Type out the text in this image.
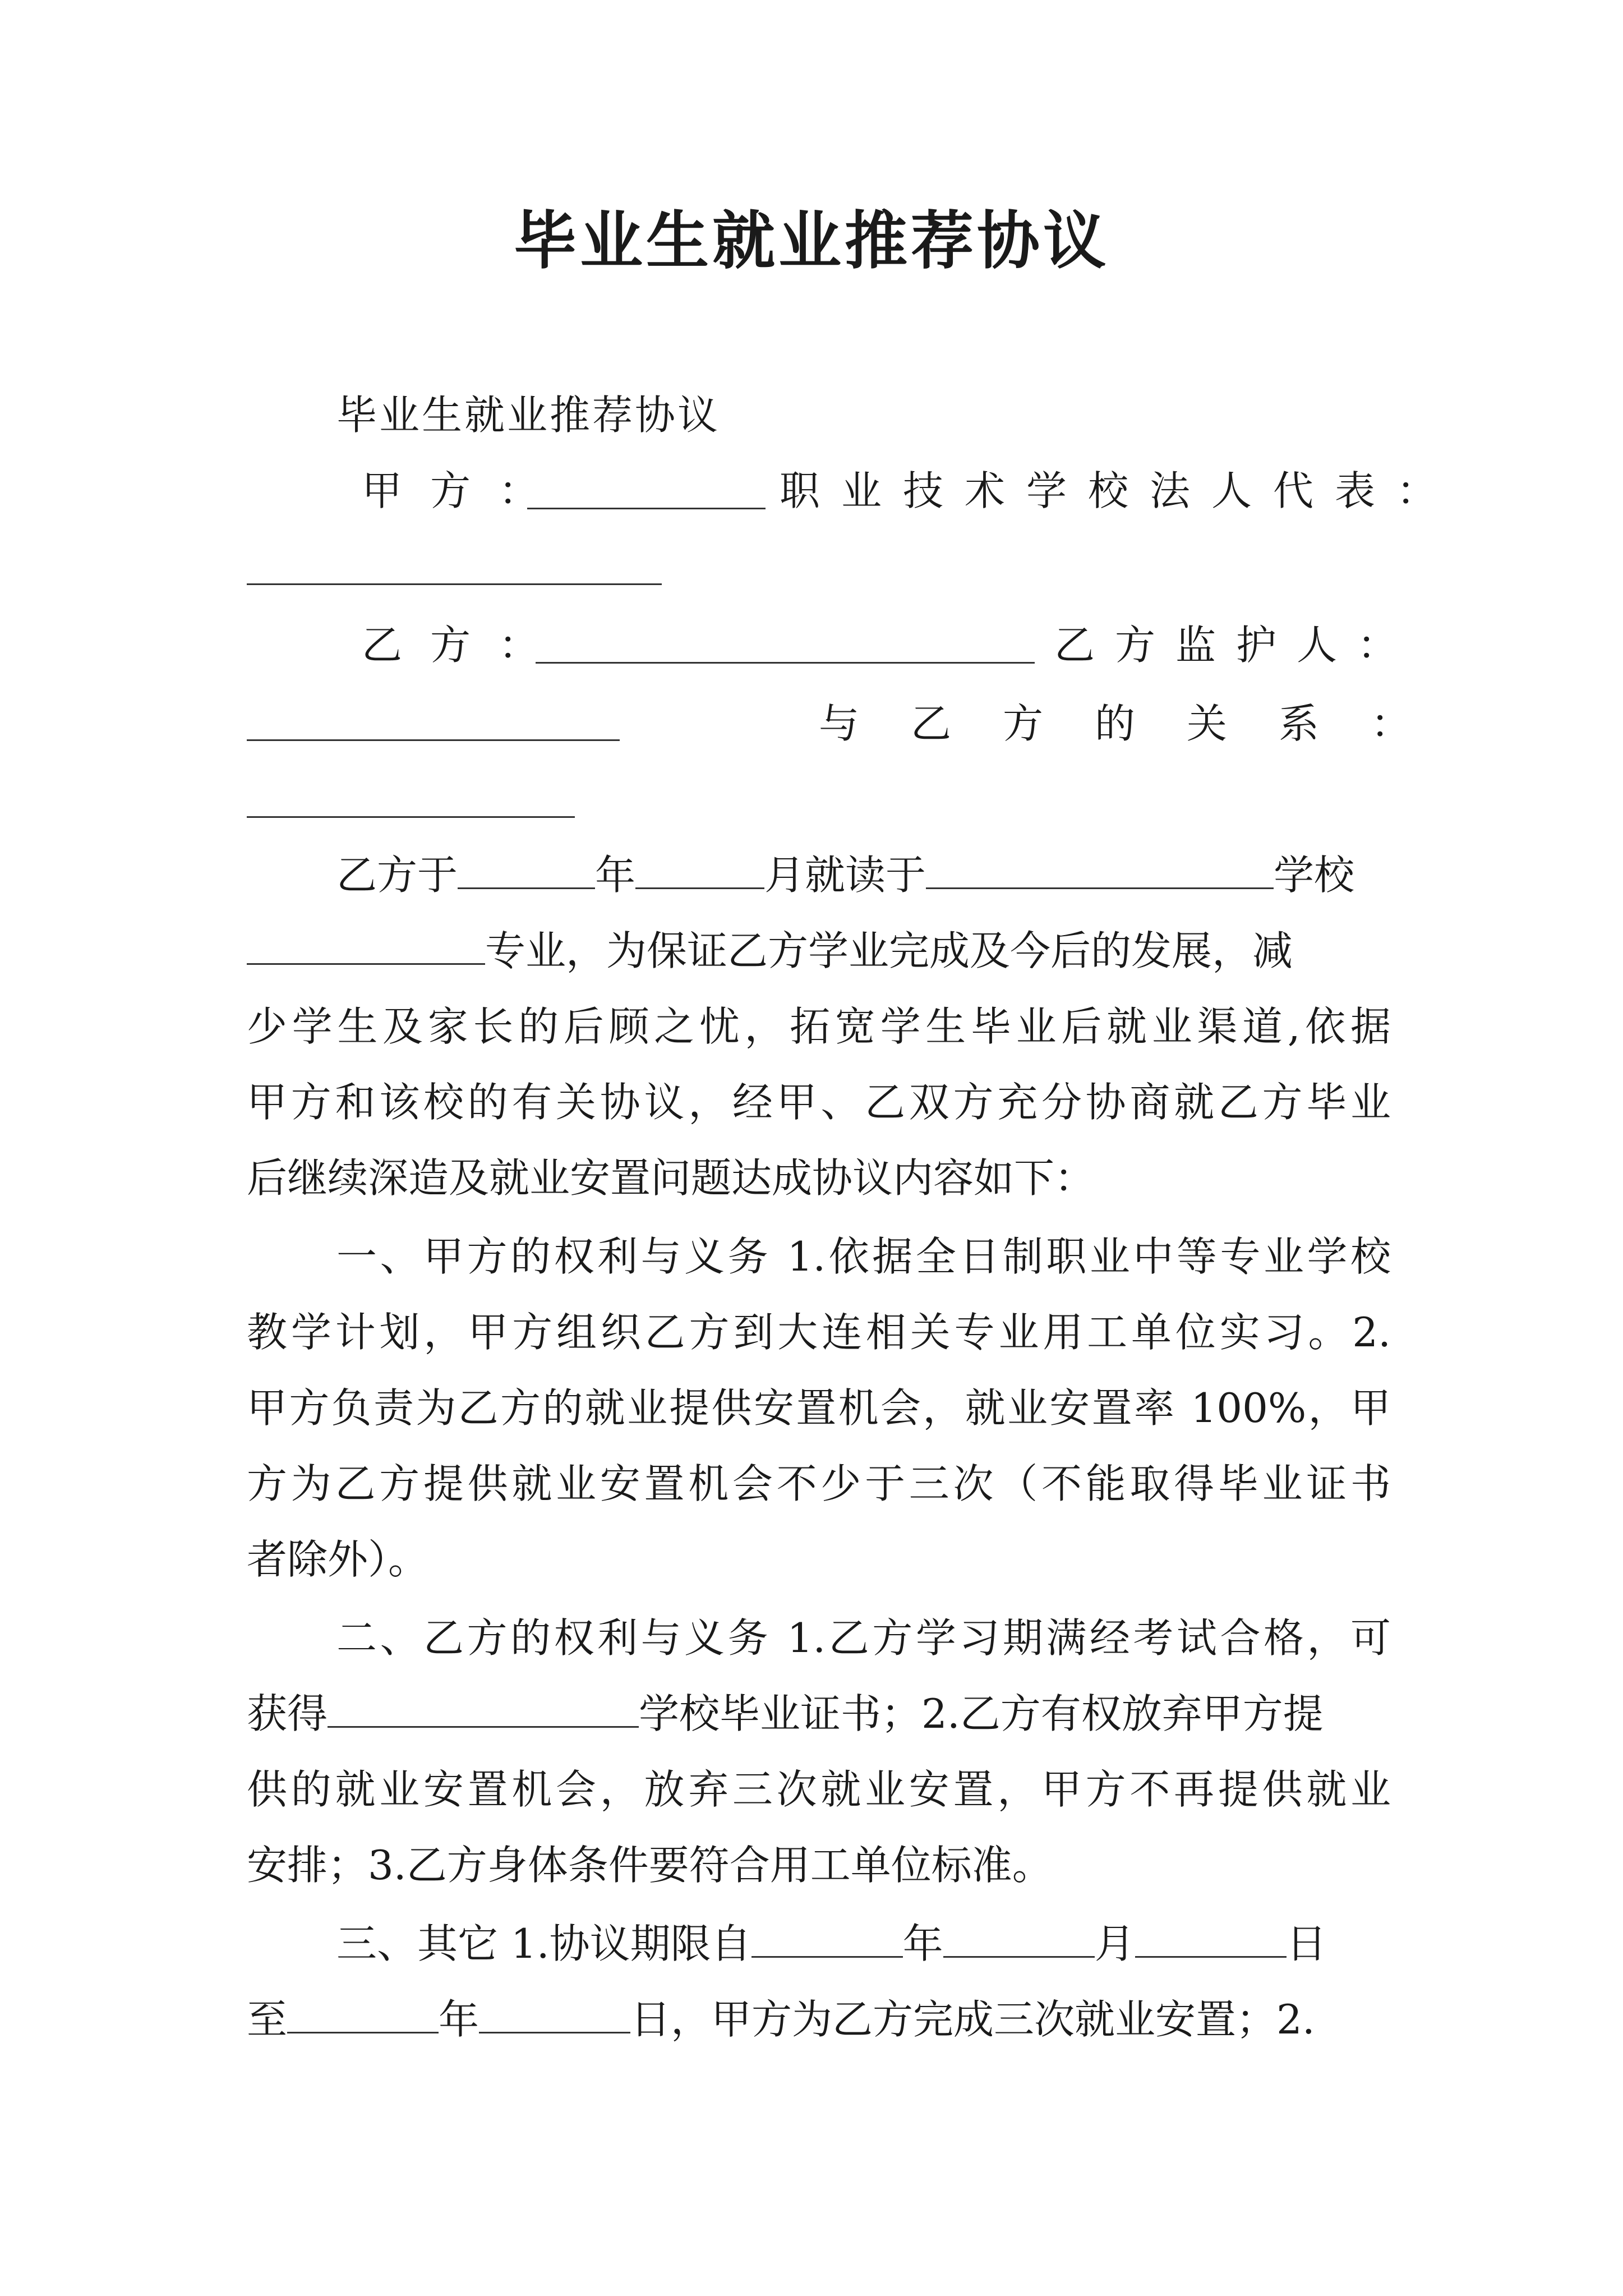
毕业生就业推荐协议
毕业生就业推荐协议
甲方：	职业技术学校法人代表：
乙方：	乙方监护人：
与乙方的关系：
乙方于	年	月就读于	学校
专业，为保证乙方学业完成及今后的发展，减
少学生及家长的后顾之忧，拓宽学生毕业后就业渠道,依据
甲方和该校的有关协议，经甲、乙双方充分协商就乙方毕业
后继续深造及就业安置问题达成协议内容如下：
一、甲方的权利与义务 1.依据全日制职业中等专业学校
教学计划，甲方组织乙方到大连相关专业用工单位实习。2.
甲方负责为乙方的就业提供安置机会，就业安置率 100%，甲
方为乙方提供就业安置机会不少于三次（不能取得毕业证书
者除外）。
二、乙方的权利与义务 1.乙方学习期满经考试合格，可
获得	学校毕业证书；2.乙方有权放弃甲方提
供的就业安置机会，放弃三次就业安置，甲方不再提供就业
安排；3.乙方身体条件要符合用工单位标准。
三、其它 1.协议期限自	年	月	日
至	年	日，甲方为乙方完成三次就业安置；2.
